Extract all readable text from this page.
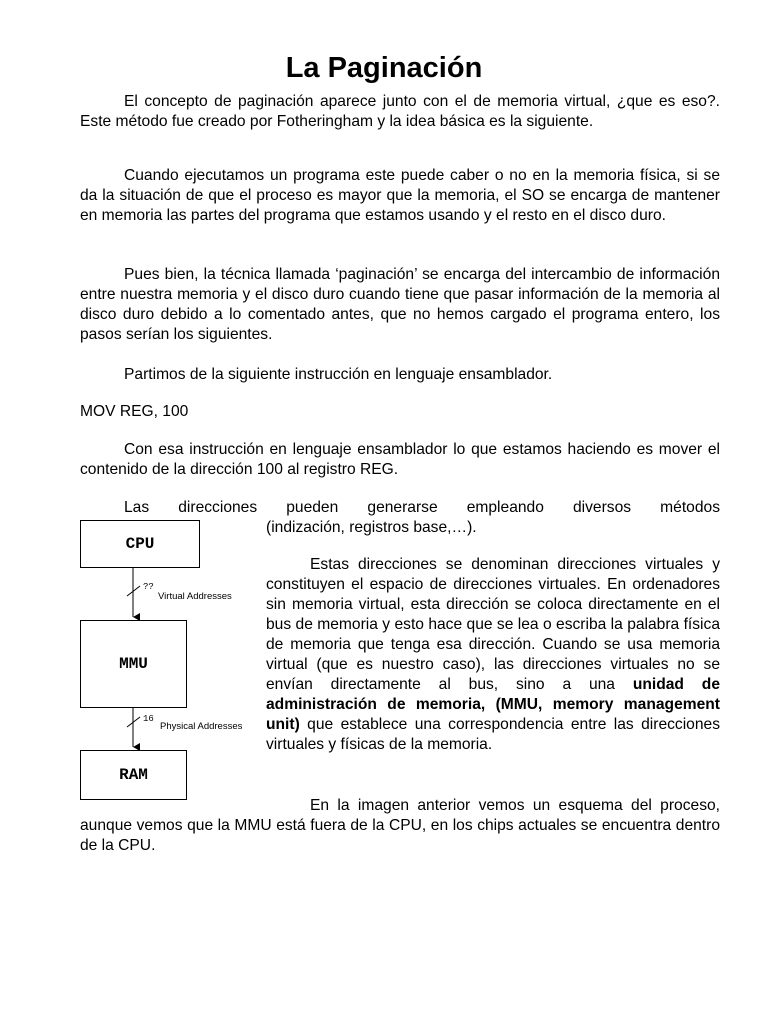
La Paginación

El concepto de paginación aparece junto con el de memoria virtual, ¿que es eso?. Este método fue creado por Fotheringham y la idea básica es la siguiente.

Cuando ejecutamos un programa este puede caber o no en la memoria física, si se da la situación de que el proceso es mayor que la memoria, el SO se encarga de mantener en memoria las partes del programa que estamos usando y el resto en el disco duro.

Pues bien, la técnica llamada ‘paginación’ se encarga del intercambio de información entre nuestra memoria y el disco duro cuando tiene que pasar información de la memoria al disco duro debido a lo comentado antes, que no hemos cargado el programa entero, los pasos serían los siguientes.

Partimos de la siguiente instrucción en lenguaje ensamblador.

MOV REG, 100

Con esa instrucción en lenguaje ensamblador lo que estamos haciendo es mover el contenido de la dirección 100 al registro REG.

Las direcciones pueden generarse empleando diversos métodos

(indización, registros base,…).

Estas direcciones se denominan direcciones virtuales y constituyen el espacio de direcciones virtuales. En ordenadores sin memoria virtual, esta dirección se coloca directamente en el bus de memoria y esto hace que se lea o escriba la palabra física de memoria que tenga esa dirección. Cuando se usa memoria virtual (que es nuestro caso), las direcciones virtuales no se envían directamente al bus, sino a una unidad de administración de memoria, (MMU, memory management unit) que establece una correspondencia entre las direcciones virtuales y físicas de la memoria.

En la imagen anterior vemos un esquema del proceso, aunque vemos que la MMU está fuera de la CPU, en los chips actuales se encuentra dentro de la CPU.

CPU
MMU
RAM
??
Virtual Addresses
16
Physical Addresses
